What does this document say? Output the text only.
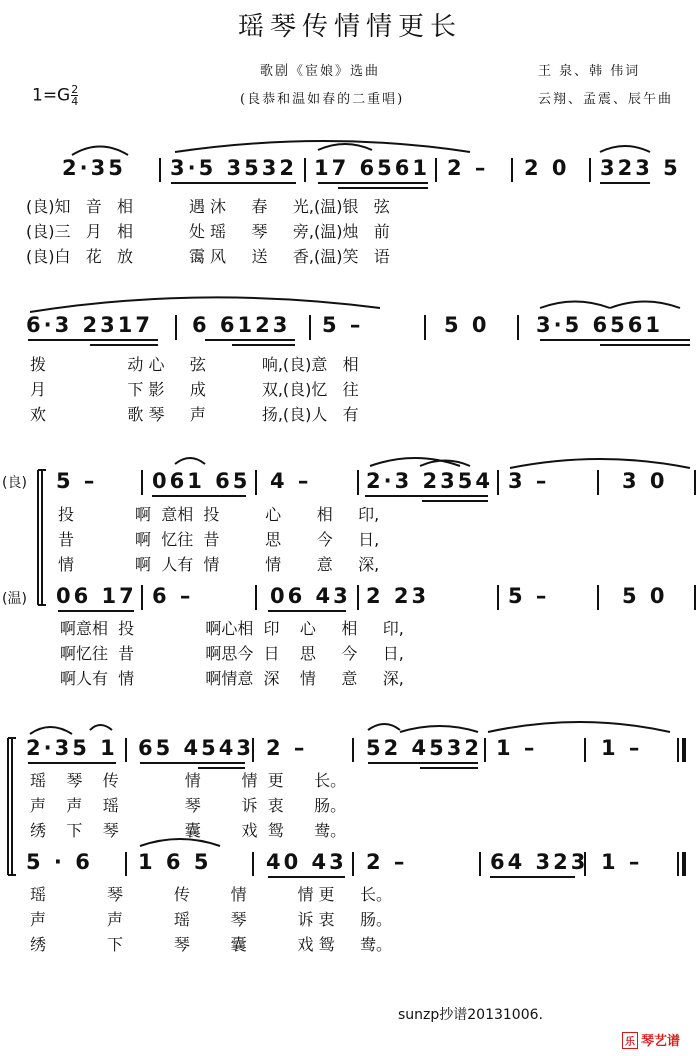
瑶琴传情情更长
歌剧《宦娘》选曲
(良恭和温如春的二重唱)
王 泉、韩 伟词
云翔、孟震、辰午曲
$1=G \frac{2}{4}$
2·35 3·5 3532 17 6561 2 – 2 0 323 5
(良)知   音   相           遇 沐     春     光,(温)银   弦
(良)三   月   相           处 瑶     琴     旁,(温)烛   前
(良)白   花   放           霭 风     送     香,(温)笑   语
6·3 2317 6 6123 5 –	5 0 3·5 6561
拨                动 心     弦           响,(良)意   相
月                下 影     成           双,(良)忆   往
欢                歌 琴     声           扬,(良)人   有
(良) 5 –	061 65 4 –	2·3 2354 3 –	3 0
投            啊  意相  投         心       相     印,
昔            啊  忆往  昔         思       今     日,
情            啊  人有  情         情       意     深,
(温) 06 17 6 –	06 43 2 23	5 –	5 0
啊意相  投              啊心相  印    心     相     印,
啊忆往  昔              啊思今  日    思     今     日,
啊人有  情              啊情意  深    情     意     深,
2·35 1 65 4543 2 –	52 4532 1 –	1 –
瑶    琴    传             情        情  更      长。
声    声    瑶             琴        诉  衷      肠。
绣    下    琴             囊        戏  鸳      鸯。
5 · 6 1 6 5	40 43 2 –	64 323 1 –
瑶            琴          传        情          情 更     长。
声            声          瑶        琴          诉 衷     肠。
绣            下          琴        囊          戏 鸳     鸯。
sunzp抄谱20131006.
乐 琴艺谱
